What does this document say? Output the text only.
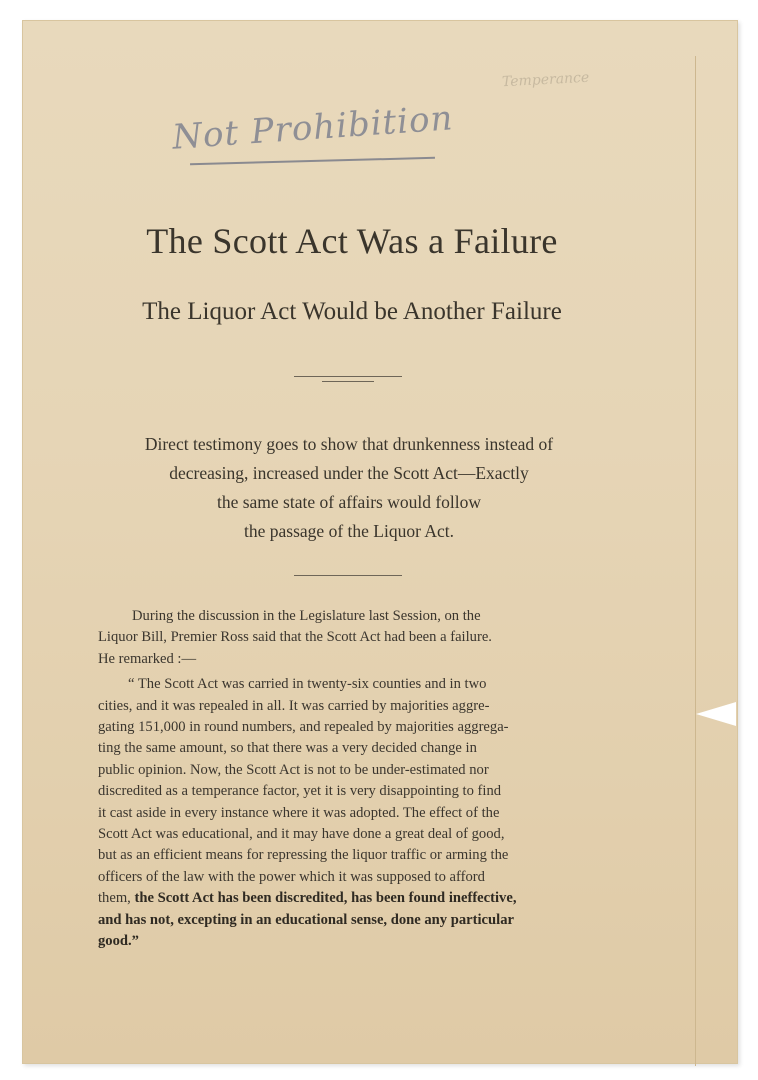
Temperance
Not Prohibition
The Scott Act Was a Failure
The Liquor Act Would be Another Failure
Direct testimony goes to show that drunkenness instead of
decreasing, increased under the Scott Act—Exactly
the same state of affairs would follow
the passage of the Liquor Act.
During the discussion in the Legislature last Session, on the
Liquor Bill, Premier Ross said that the Scott Act had been a failure.
He remarked :—
“ The Scott Act was carried in twenty-six counties and in two
cities, and it was repealed in all. It was carried by majorities aggre-
gating 151,000 in round numbers, and repealed by majorities aggrega-
ting the same amount, so that there was a very decided change in
public opinion. Now, the Scott Act is not to be under-estimated nor
discredited as a temperance factor, yet it is very disappointing to find
it cast aside in every instance where it was adopted. The effect of the
Scott Act was educational, and it may have done a great deal of good,
but as an efficient means for repressing the liquor traffic or arming the
officers of the law with the power which it was supposed to afford
them, the Scott Act has been discredited, has been found ineffective,
and has not, excepting in an educational sense, done any particular
good.”
